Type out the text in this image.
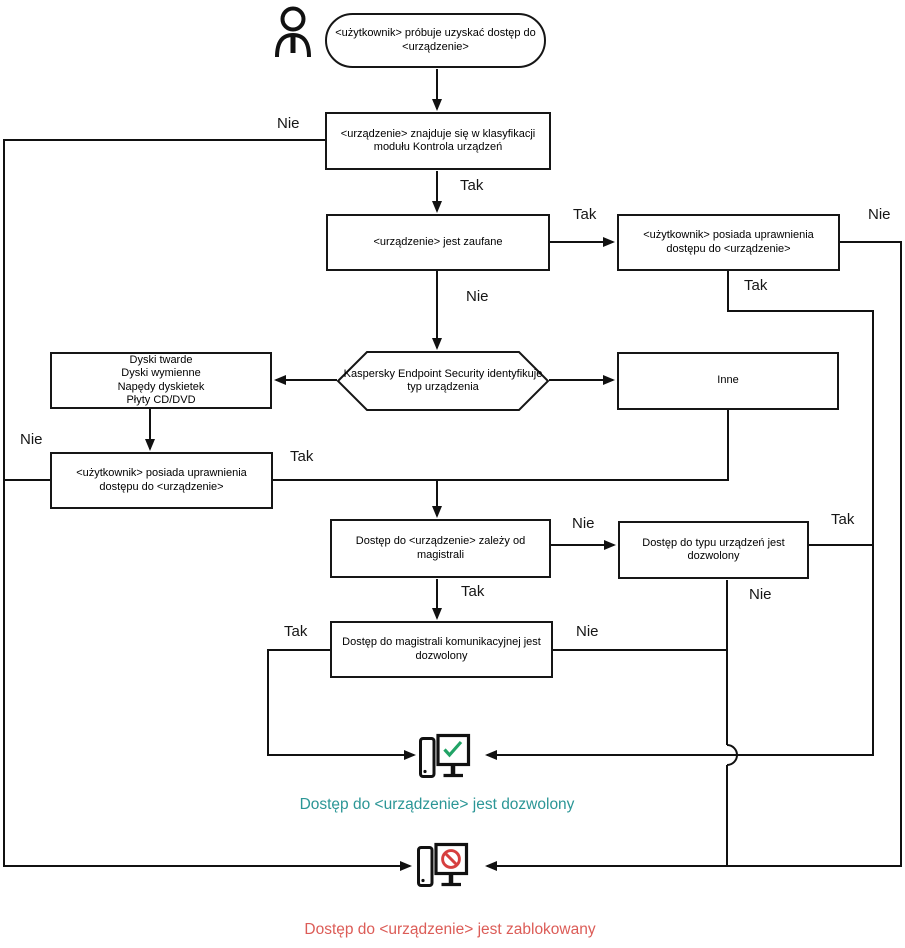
<użytkownik> próbuje uzyskać dostęp do <urządzenie>
<urządzenie> znajduje się w klasyfikacji modułu Kontrola urządzeń
<urządzenie> jest zaufane
<użytkownik> posiada uprawnienia dostępu do <urządzenie>
Kaspersky Endpoint Security identyfikuje typ urządzenia
Dyski twarde
Dyski wymienne
Napędy dyskietek
Płyty CD/DVD
Inne
<użytkownik> posiada uprawnienia dostępu do <urządzenie>
Dostęp do <urządzenie> zależy od magistrali
Dostęp do typu urządzeń jest dozwolony
Dostęp do magistrali komunikacyjnej jest dozwolony
Nie
Tak
Tak	Nie
Tak
Nie
Nie
Tak
Nie	Tak
Tak	Nie
Tak	Nie
Dostęp do <urządzenie> jest dozwolony
Dostęp do <urządzenie> jest zablokowany
